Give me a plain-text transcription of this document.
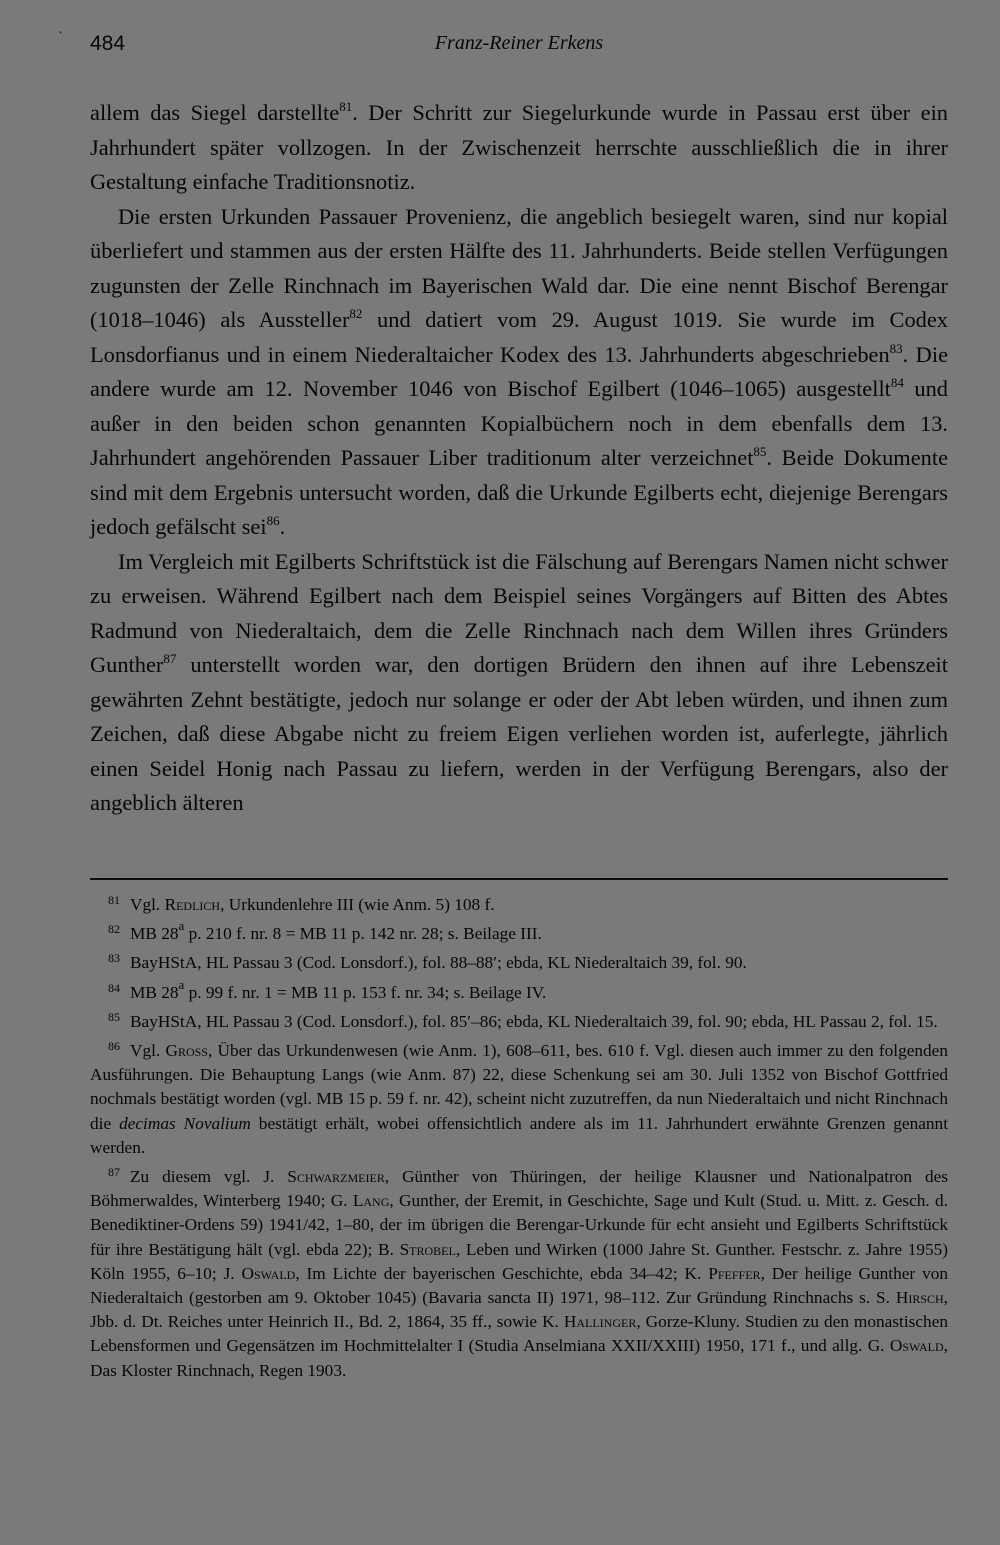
` 484	Franz-Reiner Erkens

allem das Siegel darstellte$^{81}$. Der Schritt zur Siegelurkunde wurde in Passau erst über ein Jahrhundert später vollzogen. In der Zwischenzeit herrschte ausschließlich die in ihrer Gestaltung einfache Traditionsnotiz.

Die ersten Urkunden Passauer Provenienz, die angeblich besiegelt waren, sind nur kopial überliefert und stammen aus der ersten Hälfte des 11. Jahrhunderts. Beide stellen Verfügungen zugunsten der Zelle Rinchnach im Bayerischen Wald dar. Die eine nennt Bischof Berengar (1018–1046) als Aussteller$^{82}$ und datiert vom 29. August 1019. Sie wurde im Codex Lonsdorfianus und in einem Niederaltaicher Kodex des 13. Jahrhunderts abgeschrieben$^{83}$. Die andere wurde am 12. November 1046 von Bischof Egilbert (1046–1065) ausgestellt$^{84}$ und außer in den beiden schon genannten Kopialbüchern noch in dem ebenfalls dem 13. Jahrhundert angehörenden Passauer Liber traditionum alter verzeichnet$^{85}$. Beide Dokumente sind mit dem Ergebnis untersucht worden, daß die Urkunde Egilberts echt, diejenige Berengars jedoch gefälscht sei$^{86}$.

Im Vergleich mit Egilberts Schriftstück ist die Fälschung auf Berengars Namen nicht schwer zu erweisen. Während Egilbert nach dem Beispiel seines Vorgängers auf Bitten des Abtes Radmund von Niederaltaich, dem die Zelle Rinchnach nach dem Willen ihres Gründers Gunther$^{87}$ unterstellt worden war, den dortigen Brüdern den ihnen auf ihre Lebenszeit gewährten Zehnt bestätigte, jedoch nur solange er oder der Abt leben würden, und ihnen zum Zeichen, daß diese Abgabe nicht zu freiem Eigen verliehen worden ist, auferlegte, jährlich einen Seidel Honig nach Passau zu liefern, werden in der Verfügung Berengars, also der angeblich älteren

$^{81}$ Vgl. Redlich, Urkundenlehre III (wie Anm. 5) 108 f.
$^{82}$ MB 28$^a$ p. 210 f. nr. 8 = MB 11 p. 142 nr. 28; s. Beilage III.
$^{83}$ BayHStA, HL Passau 3 (Cod. Lonsdorf.), fol. 88–88′; ebda, KL Niederaltaich 39, fol. 90.
$^{84}$ MB 28$^a$ p. 99 f. nr. 1 = MB 11 p. 153 f. nr. 34; s. Beilage IV.
$^{85}$ BayHStA, HL Passau 3 (Cod. Lonsdorf.), fol. 85′–86; ebda, KL Niederaltaich 39, fol. 90; ebda, HL Passau 2, fol. 15.
$^{86}$ Vgl. Gross, Über das Urkundenwesen (wie Anm. 1), 608–611, bes. 610 f. Vgl. diesen auch immer zu den folgenden Ausführungen. Die Behauptung Langs (wie Anm. 87) 22, diese Schenkung sei am 30. Juli 1352 von Bischof Gottfried nochmals bestätigt worden (vgl. MB 15 p. 59 f. nr. 42), scheint nicht zuzutreffen, da nun Niederaltaich und nicht Rinchnach die decimas Novalium bestätigt erhält, wobei offensichtlich andere als im 11. Jahrhundert erwähnte Grenzen genannt werden.
$^{87}$ Zu diesem vgl. J. Schwarzmeier, Günther von Thüringen, der heilige Klausner und Nationalpatron des Böhmerwaldes, Winterberg 1940; G. Lang, Gunther, der Eremit, in Geschichte, Sage und Kult (Stud. u. Mitt. z. Gesch. d. Benediktiner-Ordens 59) 1941/42, 1–80, der im übrigen die Berengar-Urkunde für echt ansieht und Egilberts Schriftstück für ihre Bestätigung hält (vgl. ebda 22); B. Strobel, Leben und Wirken (1000 Jahre St. Gunther. Festschr. z. Jahre 1955) Köln 1955, 6–10; J. Oswald, Im Lichte der bayerischen Geschichte, ebda 34–42; K. Pfeffer, Der heilige Gunther von Niederaltaich (gestorben am 9. Oktober 1045) (Bavaria sancta II) 1971, 98–112. Zur Gründung Rinchnachs s. S. Hirsch, Jbb. d. Dt. Reiches unter Heinrich II., Bd. 2, 1864, 35 ff., sowie K. Hallinger, Gorze-Kluny. Studien zu den monastischen Lebensformen und Gegensätzen im Hochmittelalter I (Studia Anselmiana XXII/XXIII) 1950, 171 f., und allg. G. Oswald, Das Kloster Rinchnach, Regen 1903.
